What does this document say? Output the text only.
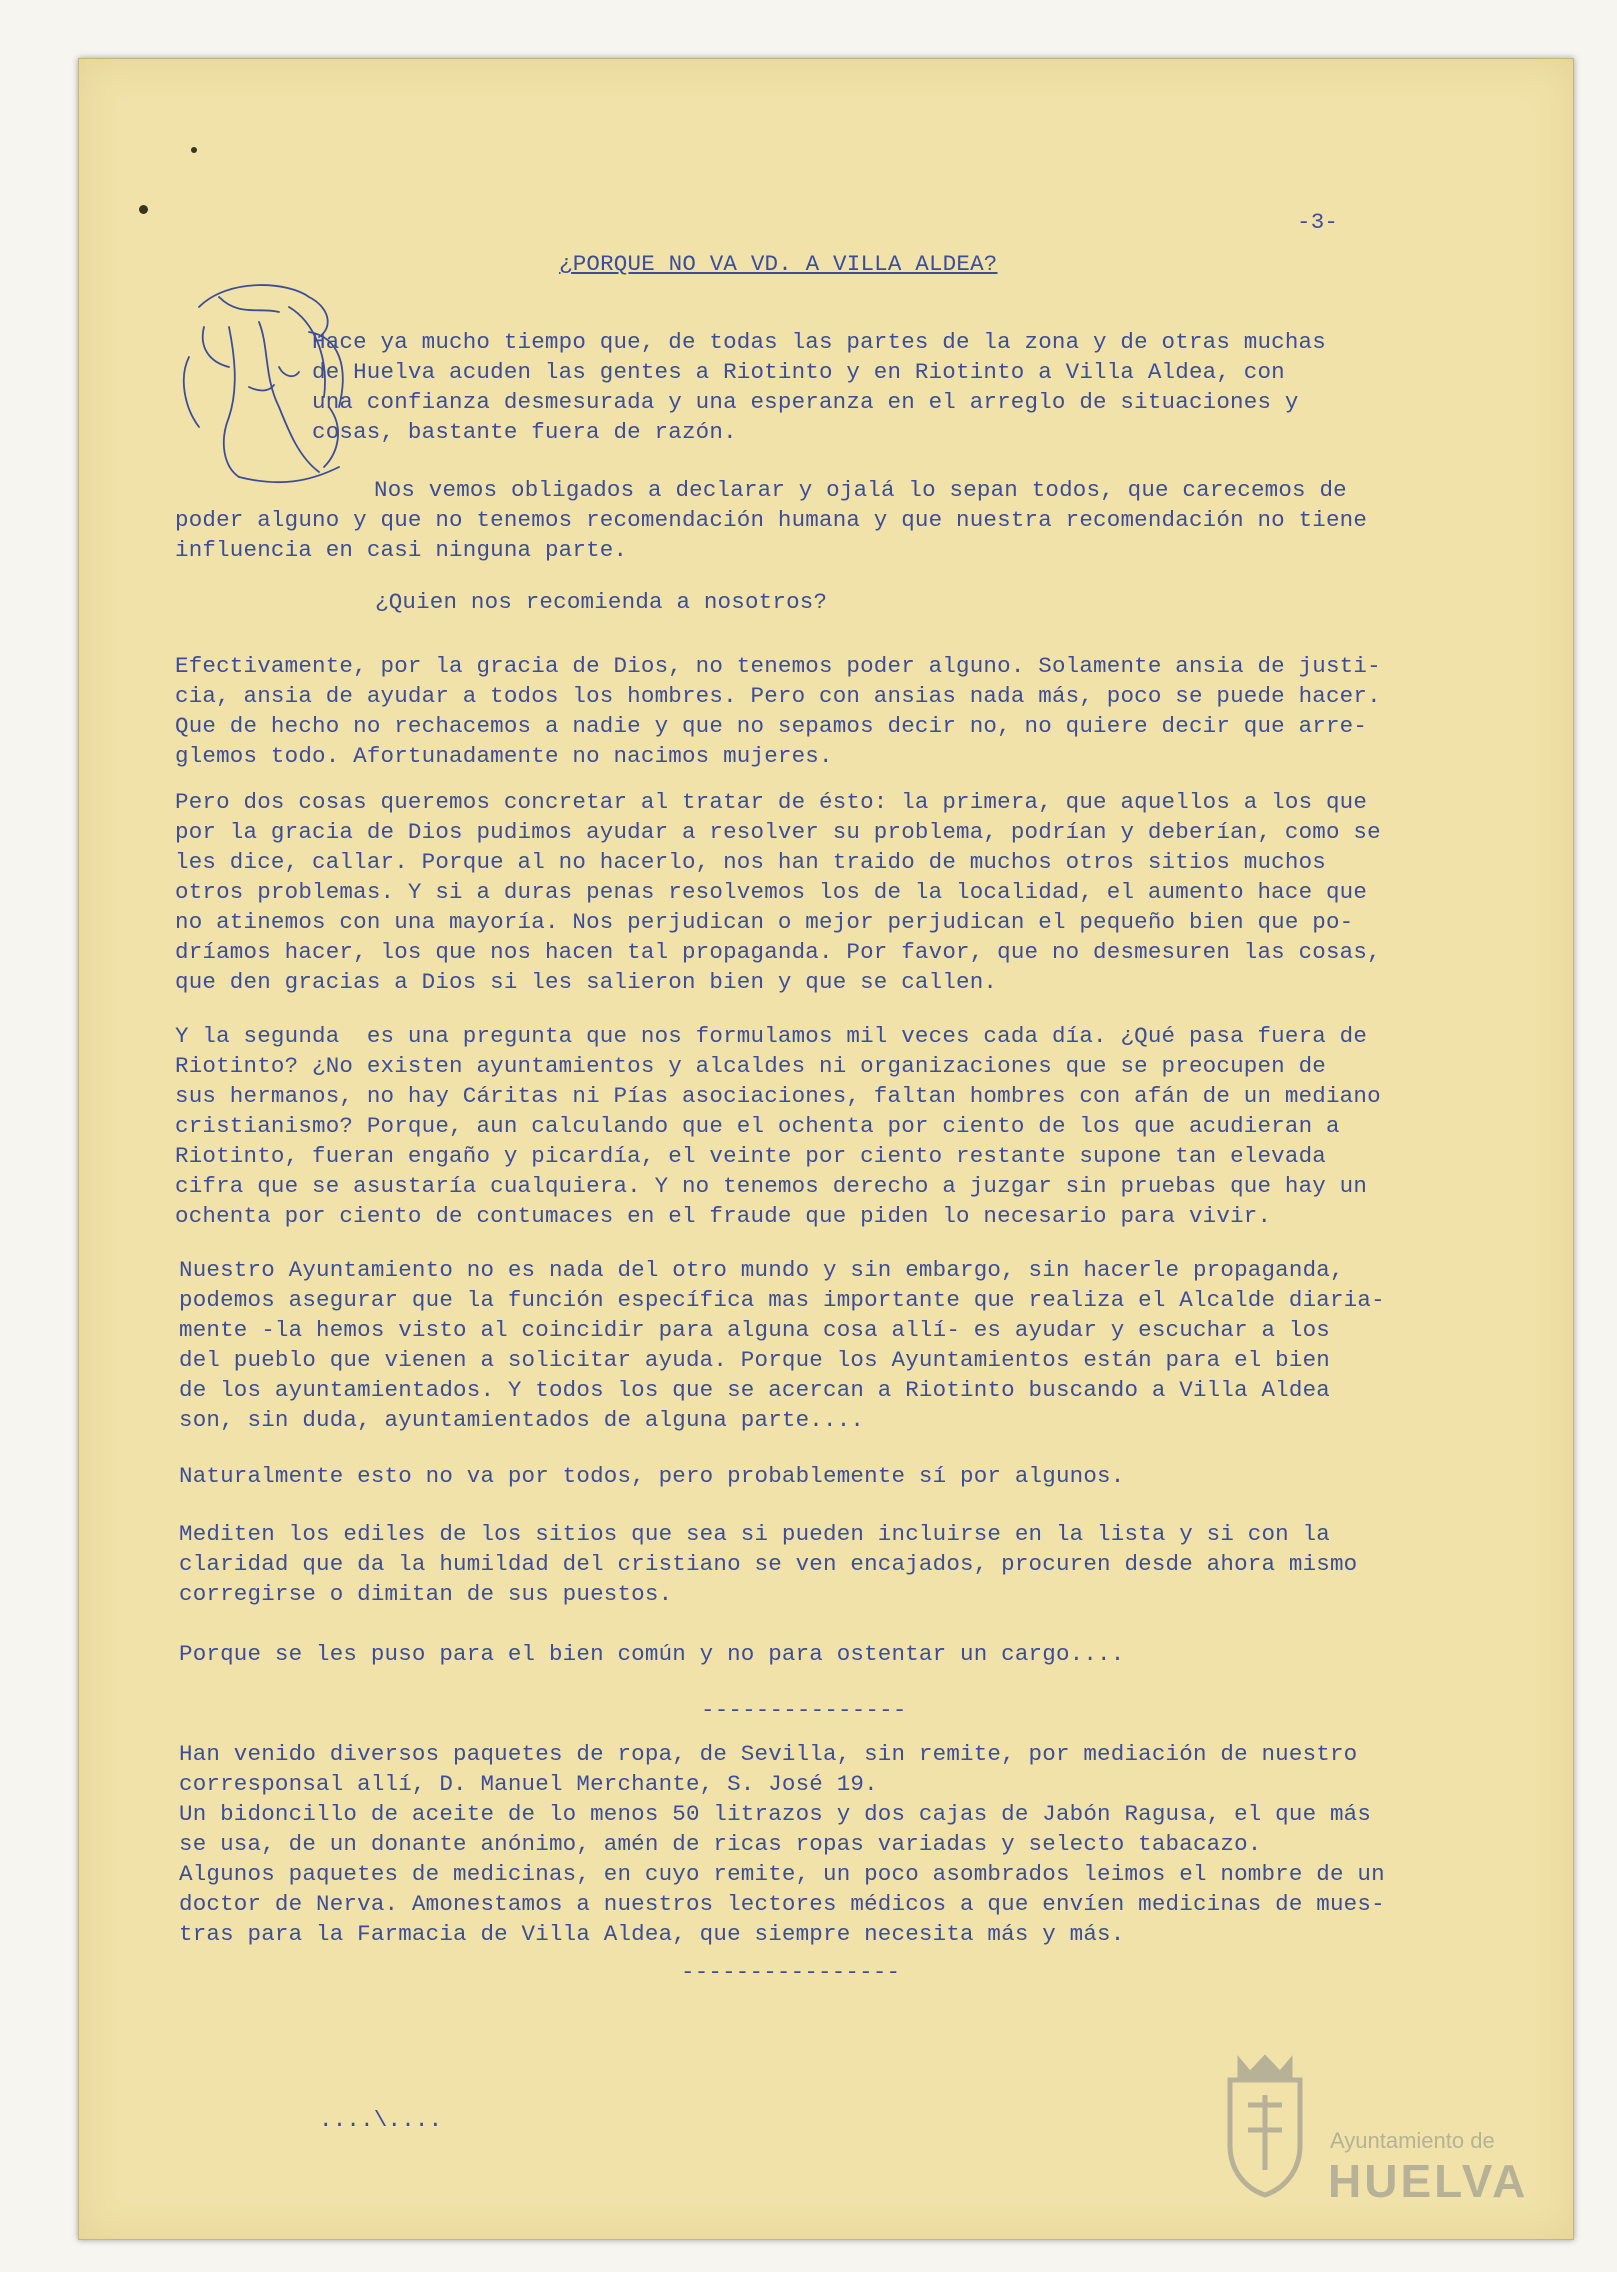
-3-
¿PORQUE NO VA VD. A VILLA ALDEA?

Hace ya mucho tiempo que, de todas las partes de la zona y de otras muchas
de Huelva acuden las gentes a Riotinto y en Riotinto a Villa Aldea, con
una confianza desmesurada y una esperanza en el arreglo de situaciones y
cosas, bastante fuera de razón.

Nos vemos obligados a declarar y ojalá lo sepan todos, que carecemos de
poder alguno y que no tenemos recomendación humana y que nuestra recomendación no tiene
influencia en casi ninguna parte.

¿Quien nos recomienda a nosotros?

Efectivamente, por la gracia de Dios, no tenemos poder alguno. Solamente ansia de justi-
cia, ansia de ayudar a todos los hombres. Pero con ansias nada más, poco se puede hacer.
Que de hecho no rechacemos a nadie y que no sepamos decir no, no quiere decir que arre-
glemos todo. Afortunadamente no nacimos mujeres.

Pero dos cosas queremos concretar al tratar de ésto: la primera, que aquellos a los que
por la gracia de Dios pudimos ayudar a resolver su problema, podrían y deberían, como se
les dice, callar. Porque al no hacerlo, nos han traido de muchos otros sitios muchos
otros problemas. Y si a duras penas resolvemos los de la localidad, el aumento hace que
no atinemos con una mayoría. Nos perjudican o mejor perjudican el pequeño bien que po-
dríamos hacer, los que nos hacen tal propaganda. Por favor, que no desmesuren las cosas,
que den gracias a Dios si les salieron bien y que se callen.

Y la segunda  es una pregunta que nos formulamos mil veces cada día. ¿Qué pasa fuera de
Riotinto? ¿No existen ayuntamientos y alcaldes ni organizaciones que se preocupen de
sus hermanos, no hay Cáritas ni Pías asociaciones, faltan hombres con afán de un mediano
cristianismo? Porque, aun calculando que el ochenta por ciento de los que acudieran a
Riotinto, fueran engaño y picardía, el veinte por ciento restante supone tan elevada
cifra que se asustaría cualquiera. Y no tenemos derecho a juzgar sin pruebas que hay un
ochenta por ciento de contumaces en el fraude que piden lo necesario para vivir.

Nuestro Ayuntamiento no es nada del otro mundo y sin embargo, sin hacerle propaganda,
podemos asegurar que la función específica mas importante que realiza el Alcalde diaria-
mente -la hemos visto al coincidir para alguna cosa allí- es ayudar y escuchar a los
del pueblo que vienen a solicitar ayuda. Porque los Ayuntamientos están para el bien
de los ayuntamientados. Y todos los que se acercan a Riotinto buscando a Villa Aldea
son, sin duda, ayuntamientados de alguna parte....

Naturalmente esto no va por todos, pero probablemente sí por algunos.

Mediten los ediles de los sitios que sea si pueden incluirse en la lista y si con la
claridad que da la humildad del cristiano se ven encajados, procuren desde ahora mismo
corregirse o dimitan de sus puestos.

Porque se les puso para el bien común y no para ostentar un cargo....

---------------

Han venido diversos paquetes de ropa, de Sevilla, sin remite, por mediación de nuestro
corresponsal allí, D. Manuel Merchante, S. José 19.
Un bidoncillo de aceite de lo menos 50 litrazos y dos cajas de Jabón Ragusa, el que más
se usa, de un donante anónimo, amén de ricas ropas variadas y selecto tabacazo.
Algunos paquetes de medicinas, en cuyo remite, un poco asombrados leimos el nombre de un
doctor de Nerva. Amonestamos a nuestros lectores médicos a que envíen medicinas de mues-
tras para la Farmacia de Villa Aldea, que siempre necesita más y más.

----------------
....\....
Ayuntamiento de
HUELVA
